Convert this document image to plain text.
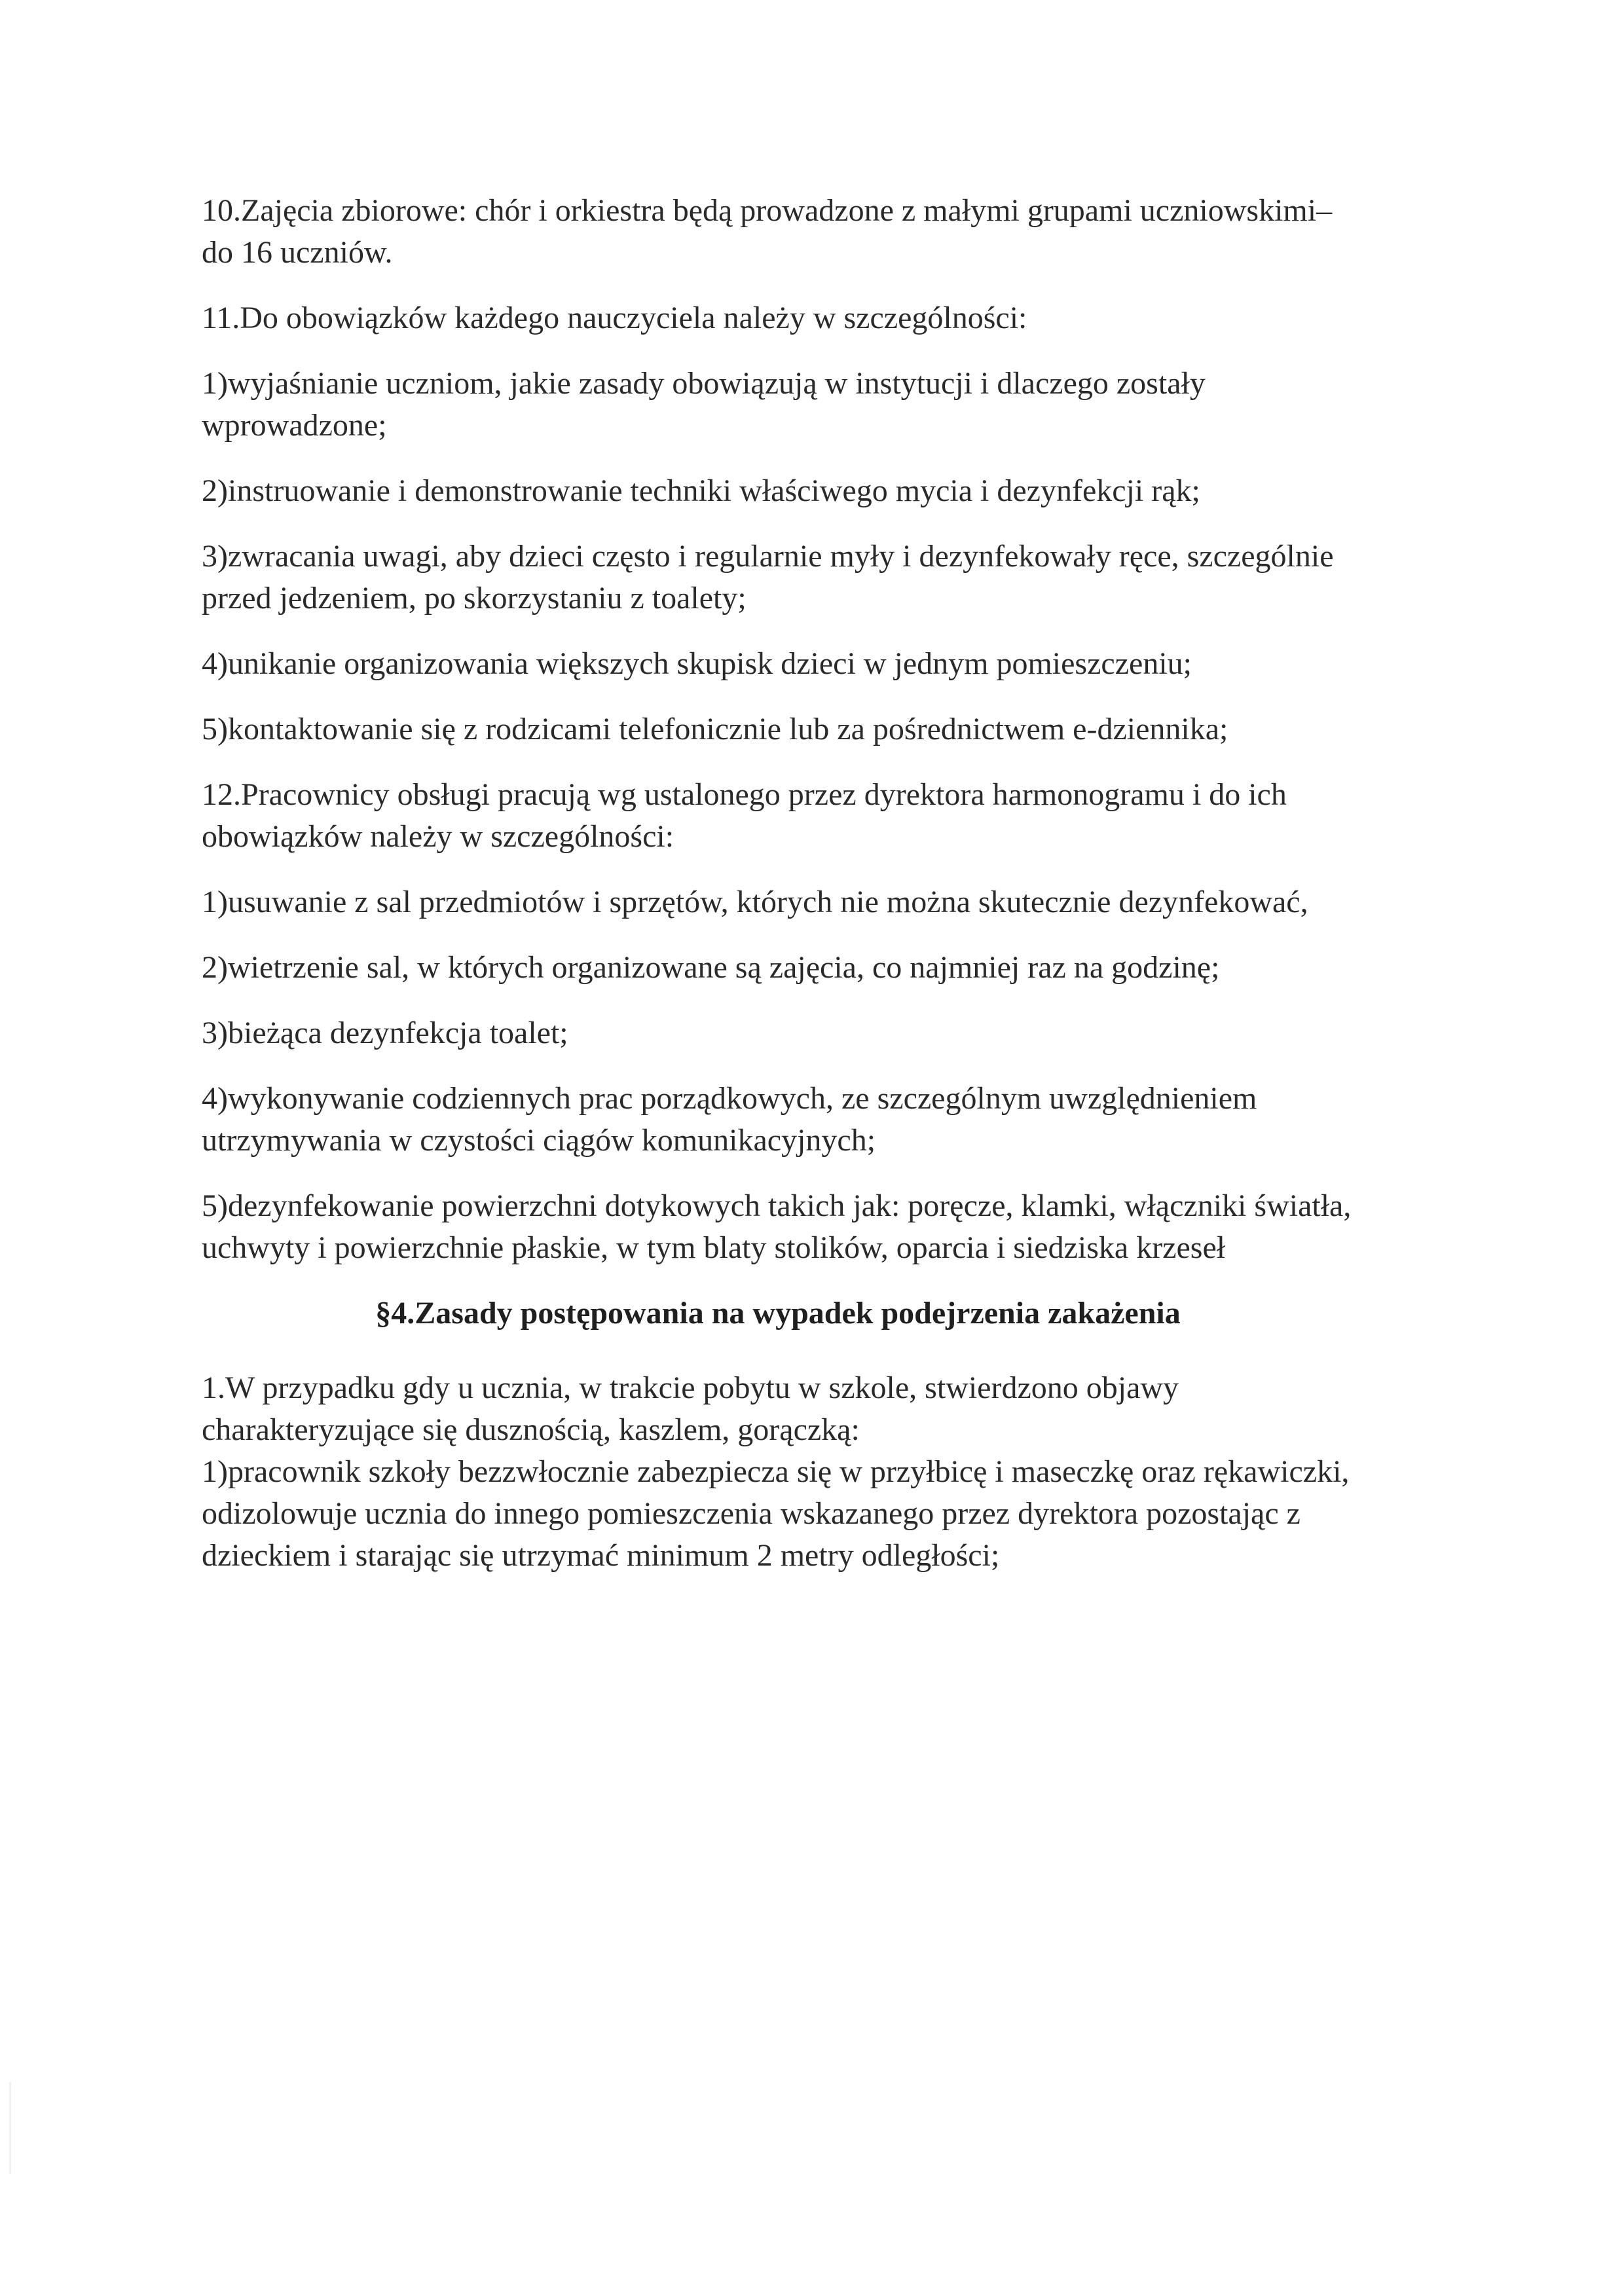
10.Zajęcia zbiorowe: chór i orkiestra będą prowadzone z małymi grupami uczniowskimi–do 16 uczniów.

11.Do obowiązków każdego nauczyciela należy w szczególności:

1)wyjaśnianie uczniom, jakie zasady obowiązują w instytucji i dlaczego zostały wprowadzone;

2)instruowanie i demonstrowanie techniki właściwego mycia i dezynfekcji rąk;

3)zwracania uwagi, aby dzieci często i regularnie myły i dezynfekowały ręce, szczególnie przed jedzeniem, po skorzystaniu z toalety;

4)unikanie organizowania większych skupisk dzieci w jednym pomieszczeniu;

5)kontaktowanie się z rodzicami telefonicznie lub za pośrednictwem e-dziennika;

12.Pracownicy obsługi pracują wg ustalonego przez dyrektora harmonogramu i do ich obowiązków należy w szczególności:

1)usuwanie z sal przedmiotów i sprzętów, których nie można skutecznie dezynfekować,

2)wietrzenie sal, w których organizowane są zajęcia, co najmniej raz na godzinę;

3)bieżąca dezynfekcja toalet;

4)wykonywanie codziennych prac porządkowych, ze szczególnym uwzględnieniem utrzymywania w czystości ciągów komunikacyjnych;

5)dezynfekowanie powierzchni dotykowych takich jak: poręcze, klamki, włączniki światła, uchwyty i powierzchnie płaskie, w tym blaty stolików, oparcia i siedziska krzeseł

§4.Zasady postępowania na wypadek podejrzenia zakażenia

1.W przypadku gdy u ucznia, w trakcie pobytu w szkole, stwierdzono objawy charakteryzujące się dusznością, kaszlem, gorączką:

1)pracownik szkoły bezzwłocznie zabezpiecza się w przyłbicę i maseczkę oraz rękawiczki, odizolowuje ucznia do innego pomieszczenia wskazanego przez dyrektora pozostając z dzieckiem i starając się utrzymać minimum 2 metry odległości;
